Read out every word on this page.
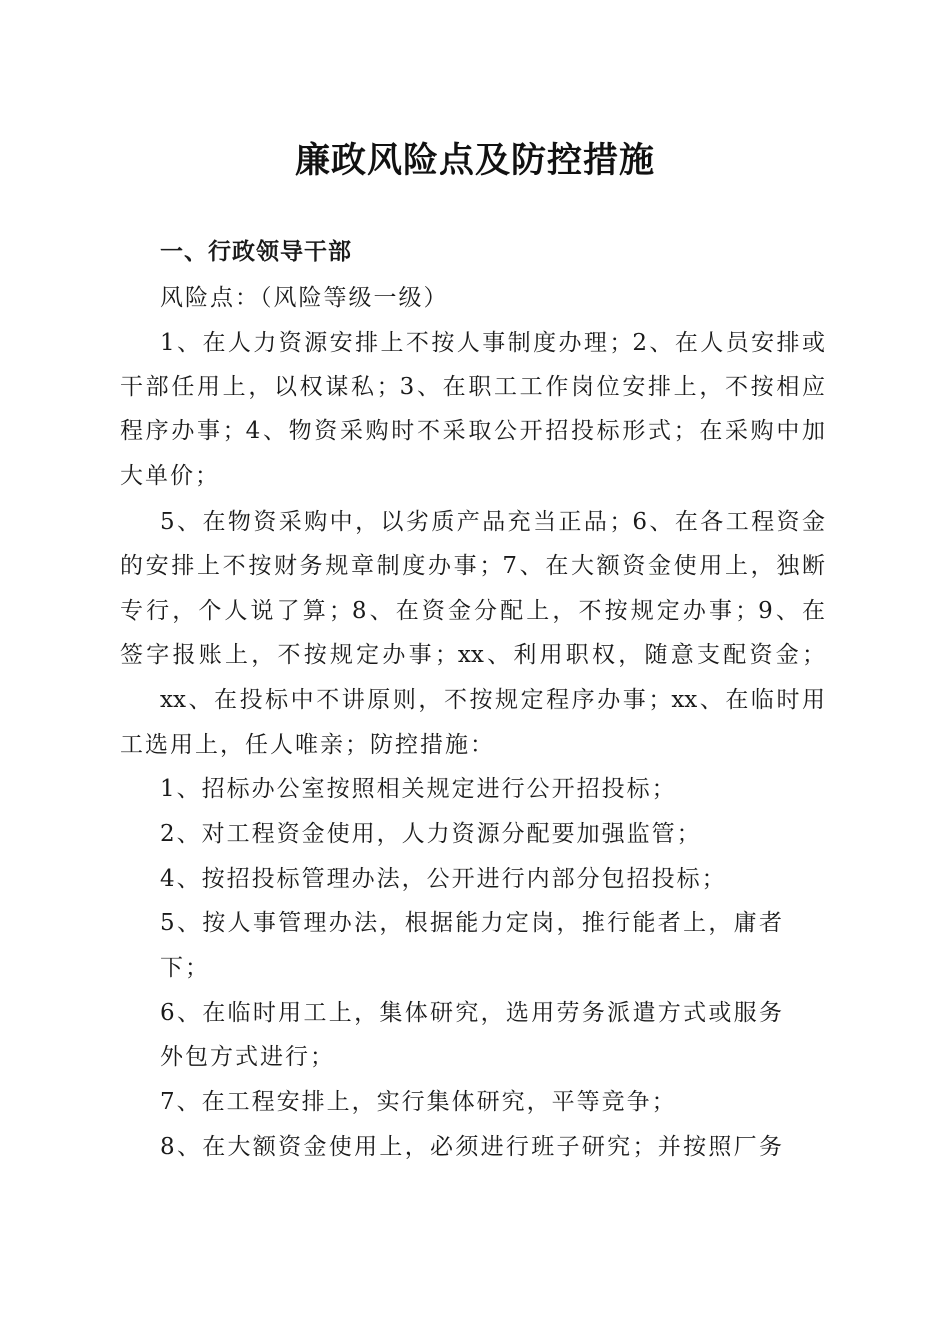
廉政风险点及防控措施
一、行政领导干部
风险点：（风险等级一级）
1、在人力资源安排上不按人事制度办理；2、在人员安排或
干部任用上，以权谋私；3、在职工工作岗位安排上，不按相应
程序办事；4、物资采购时不采取公开招投标形式；在采购中加
大单价；
5、在物资采购中，以劣质产品充当正品；6、在各工程资金
的安排上不按财务规章制度办事；7、在大额资金使用上，独断
专行，个人说了算；8、在资金分配上，不按规定办事；9、在
签字报账上，不按规定办事；xx、利用职权，随意支配资金；
xx、在投标中不讲原则，不按规定程序办事；xx、在临时用
工选用上，任人唯亲；防控措施：
1、招标办公室按照相关规定进行公开招投标；
2、对工程资金使用，人力资源分配要加强监管；
4、按招投标管理办法，公开进行内部分包招投标；
5、按人事管理办法，根据能力定岗，推行能者上，庸者
下；
6、在临时用工上，集体研究，选用劳务派遣方式或服务
外包方式进行；
7、在工程安排上，实行集体研究，平等竞争；
8、在大额资金使用上，必须进行班子研究；并按照厂务
